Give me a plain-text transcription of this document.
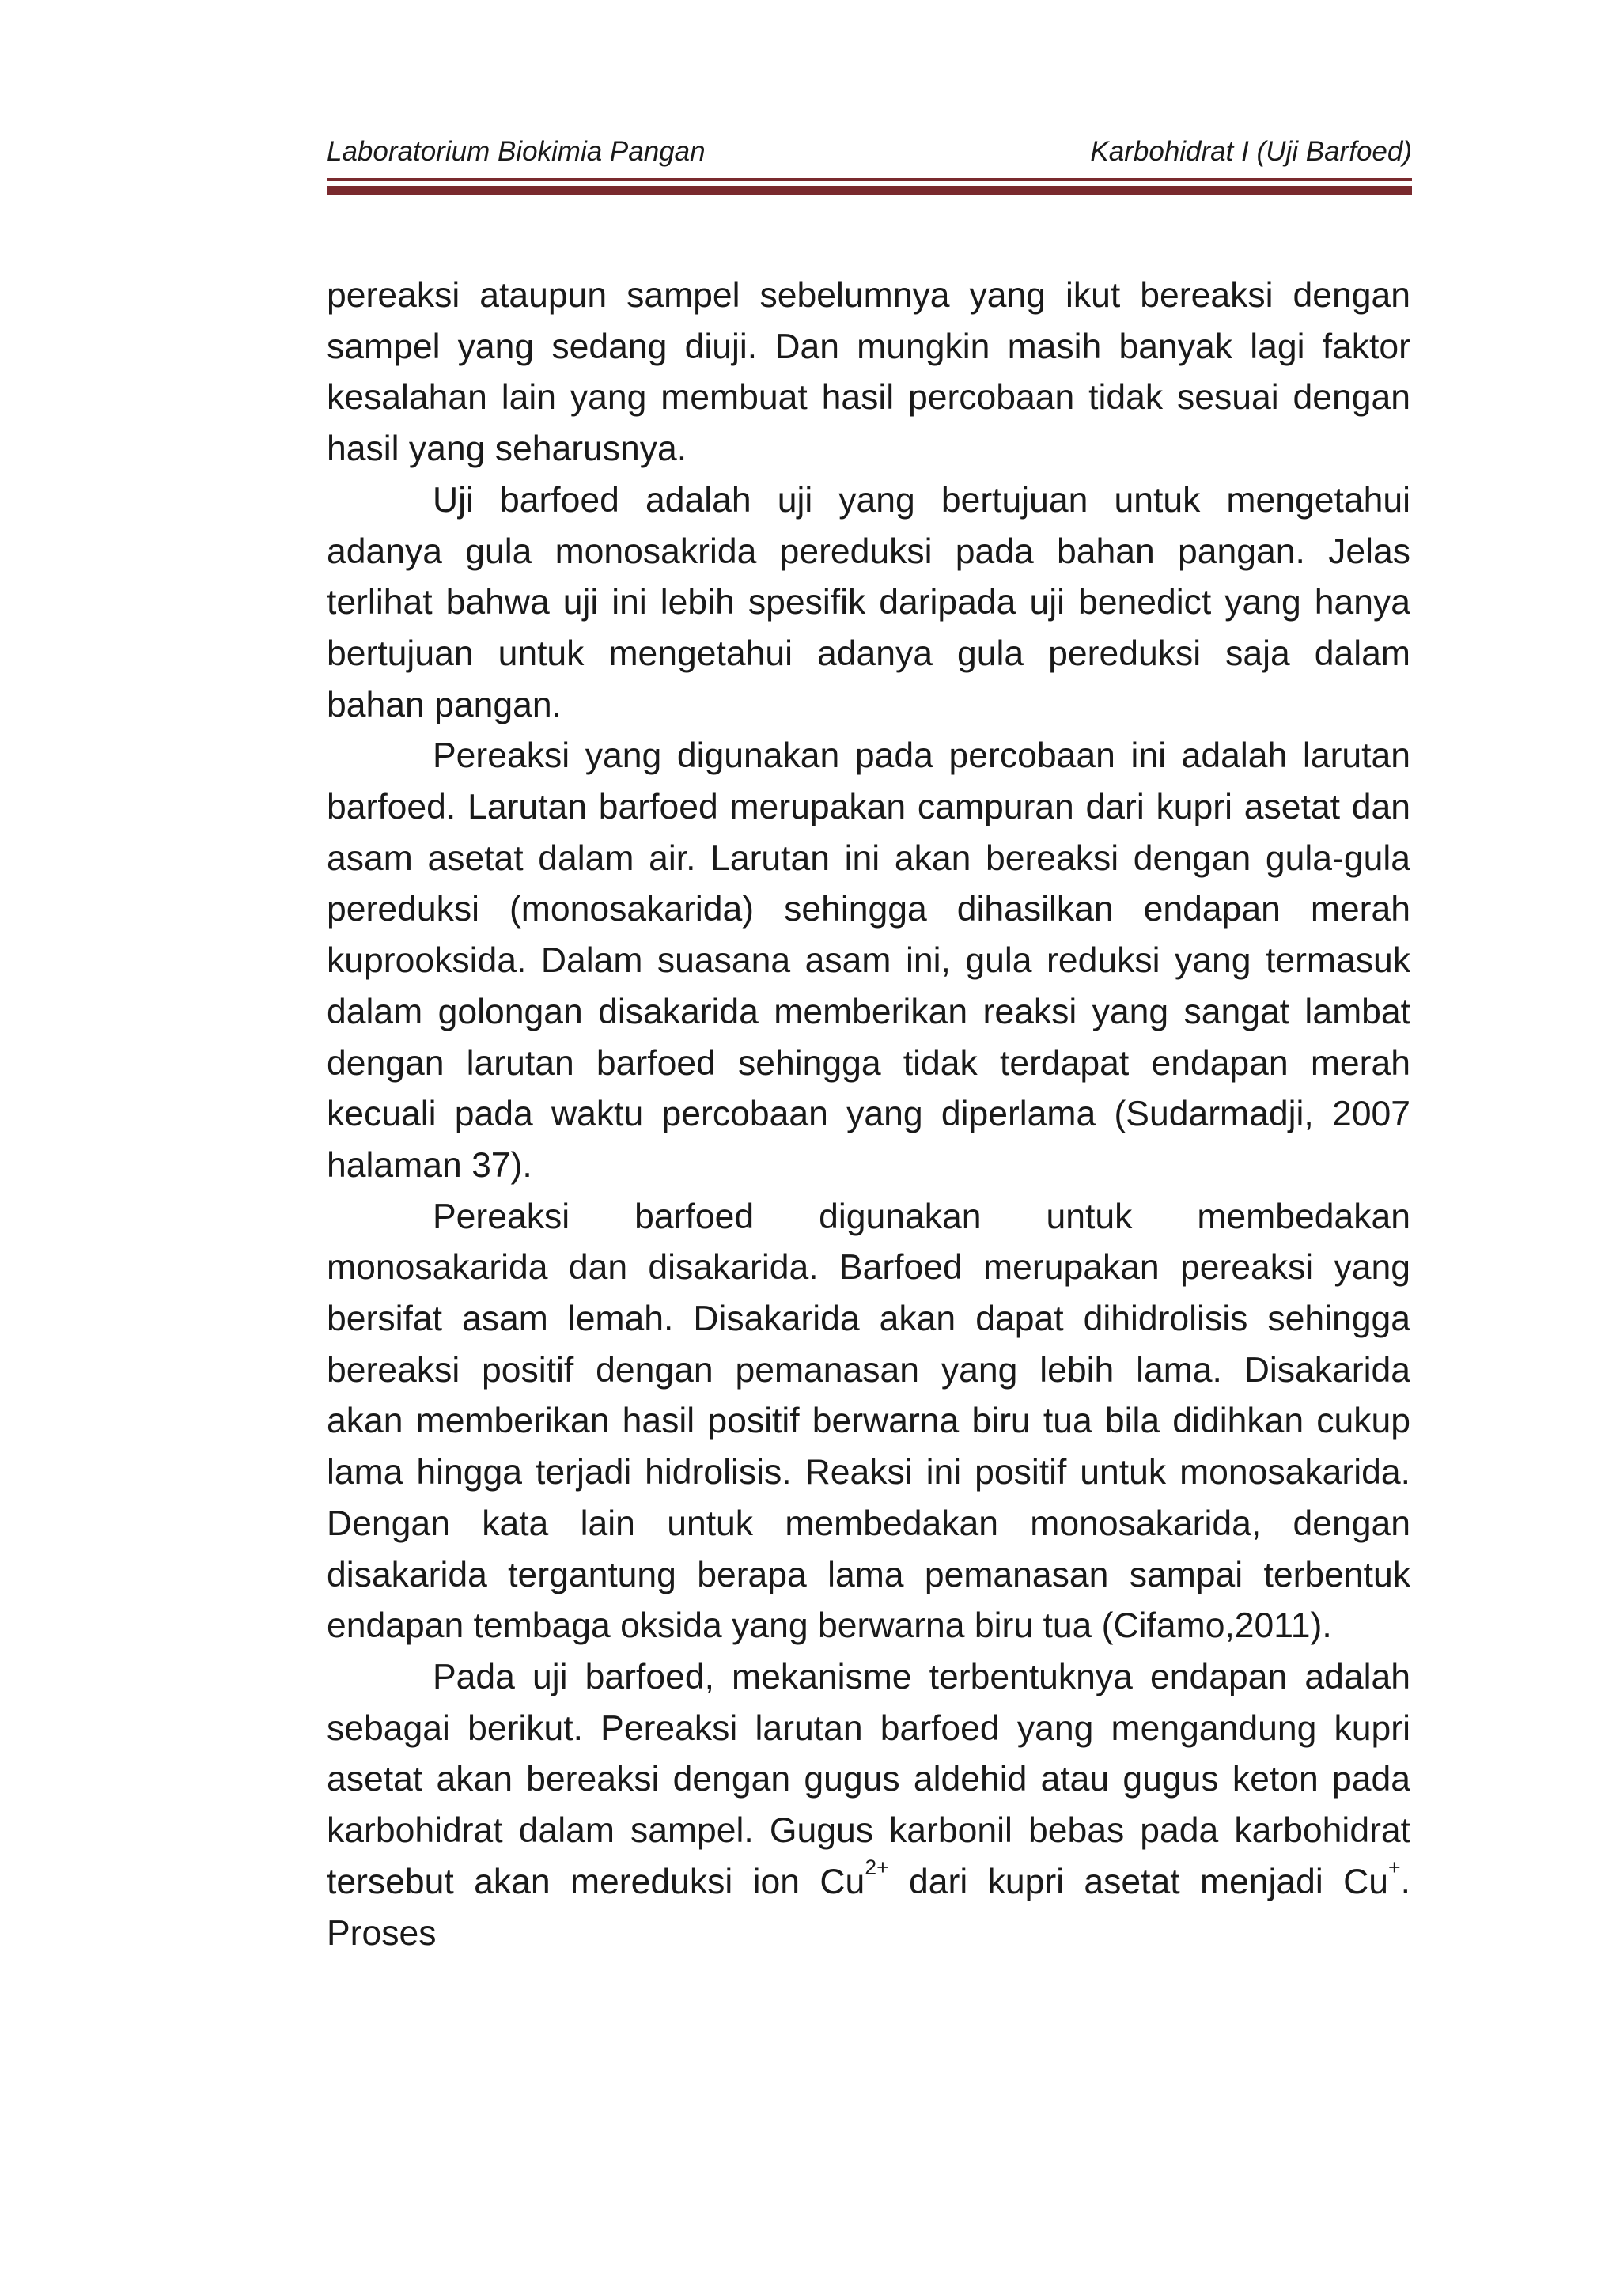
Laboratorium Biokimia Pangan	Karbohidrat I (Uji Barfoed)

pereaksi ataupun sampel sebelumnya yang ikut bereaksi dengan sampel yang sedang diuji. Dan mungkin masih banyak lagi faktor kesalahan lain yang membuat hasil percobaan tidak sesuai dengan hasil yang seharusnya.

Uji barfoed adalah uji yang bertujuan untuk mengetahui adanya gula monosakrida pereduksi pada bahan pangan. Jelas terlihat bahwa uji ini lebih spesifik daripada uji benedict yang hanya bertujuan untuk mengetahui adanya gula pereduksi saja dalam bahan pangan.

Pereaksi yang digunakan pada percobaan ini adalah larutan barfoed. Larutan barfoed merupakan campuran dari kupri asetat dan asam asetat dalam air. Larutan ini akan bereaksi dengan gula-gula pereduksi (monosakarida) sehingga dihasilkan endapan merah kuprooksida. Dalam suasana asam ini, gula reduksi yang termasuk dalam golongan disakarida memberikan reaksi yang sangat lambat dengan larutan barfoed sehingga tidak terdapat endapan merah kecuali pada waktu percobaan yang diperlama (Sudarmadji, 2007 halaman 37).

Pereaksi barfoed digunakan untuk membedakan monosakarida dan disakarida. Barfoed merupakan pereaksi yang bersifat asam lemah. Disakarida akan dapat dihidrolisis sehingga bereaksi positif dengan pemanasan yang lebih lama. Disakarida akan memberikan hasil positif berwarna biru tua bila didihkan cukup lama hingga terjadi hidrolisis. Reaksi ini positif untuk monosakarida. Dengan kata lain untuk membedakan monosakarida, dengan disakarida tergantung berapa lama pemanasan sampai terbentuk endapan tembaga oksida yang berwarna biru tua (Cifamo,2011).

Pada uji barfoed, mekanisme terbentuknya endapan adalah sebagai berikut. Pereaksi larutan barfoed yang mengandung kupri asetat akan bereaksi dengan gugus aldehid atau gugus keton pada karbohidrat dalam sampel. Gugus karbonil bebas pada karbohidrat tersebut akan mereduksi ion $Cu^{2+}$ dari kupri asetat menjadi Cu+. Proses
